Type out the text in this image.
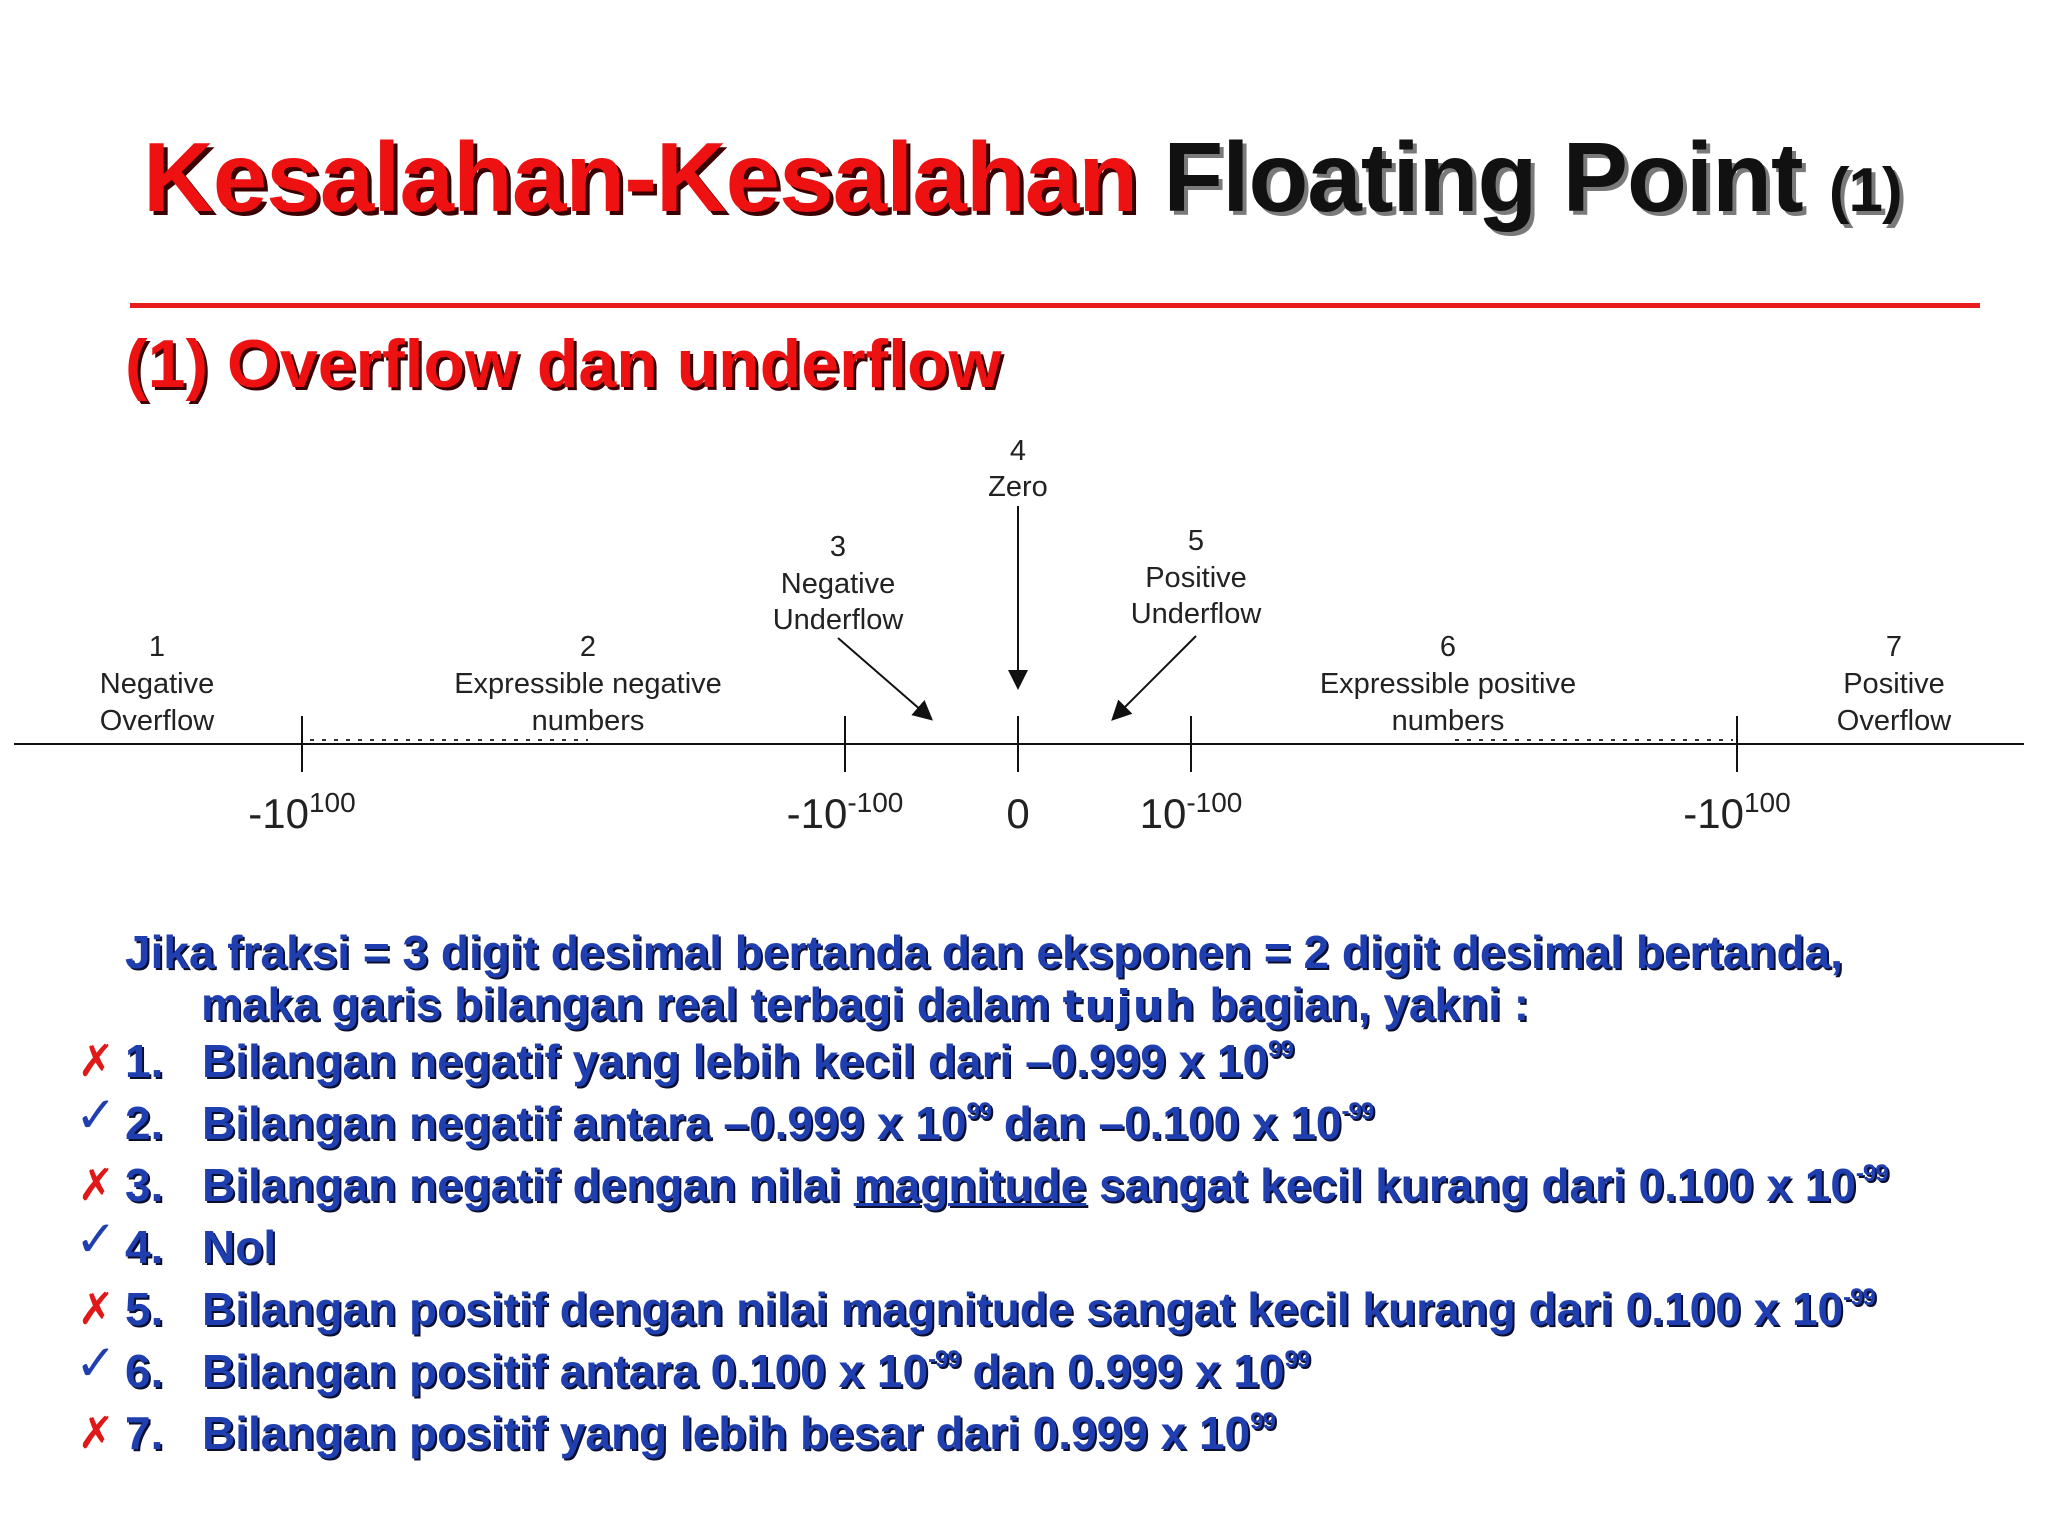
Kesalahan-Kesalahan Floating Point (1)
(1) Overflow dan underflow
1
Negative
Overflow
2
Expressible negative
numbers
3
Negative
Underflow
4
Zero
5
Positive
Underflow
6
Expressible positive
numbers
7
Positive
Overflow
$-10^{100}$	$-10^{-100}$ 0	$10^{-100}$	$-10^{100}$
Jika fraksi = 3 digit desimal bertanda dan eksponen = 2 digit desimal bertanda,
maka garis bilangan real terbagi dalam tujuh bagian, yakni :
✗ 1. Bilangan negatif yang lebih kecil dari –0.999 x $10^{99}$
✓ 2. Bilangan negatif antara –0.999 x $10^{99}$ dan –0.100 x $10^{-99}$
✗ 3. Bilangan negatif dengan nilai magnitude sangat kecil kurang dari 0.100 x $10^{-99}$
✓ 4. Nol
✗ 5. Bilangan positif dengan nilai magnitude sangat kecil kurang dari 0.100 x $10^{-99}$
✓ 6. Bilangan positif antara 0.100 x $10^{-99}$ dan 0.999 x $10^{99}$
✗ 7. Bilangan positif yang lebih besar dari 0.999 x $10^{99}$
